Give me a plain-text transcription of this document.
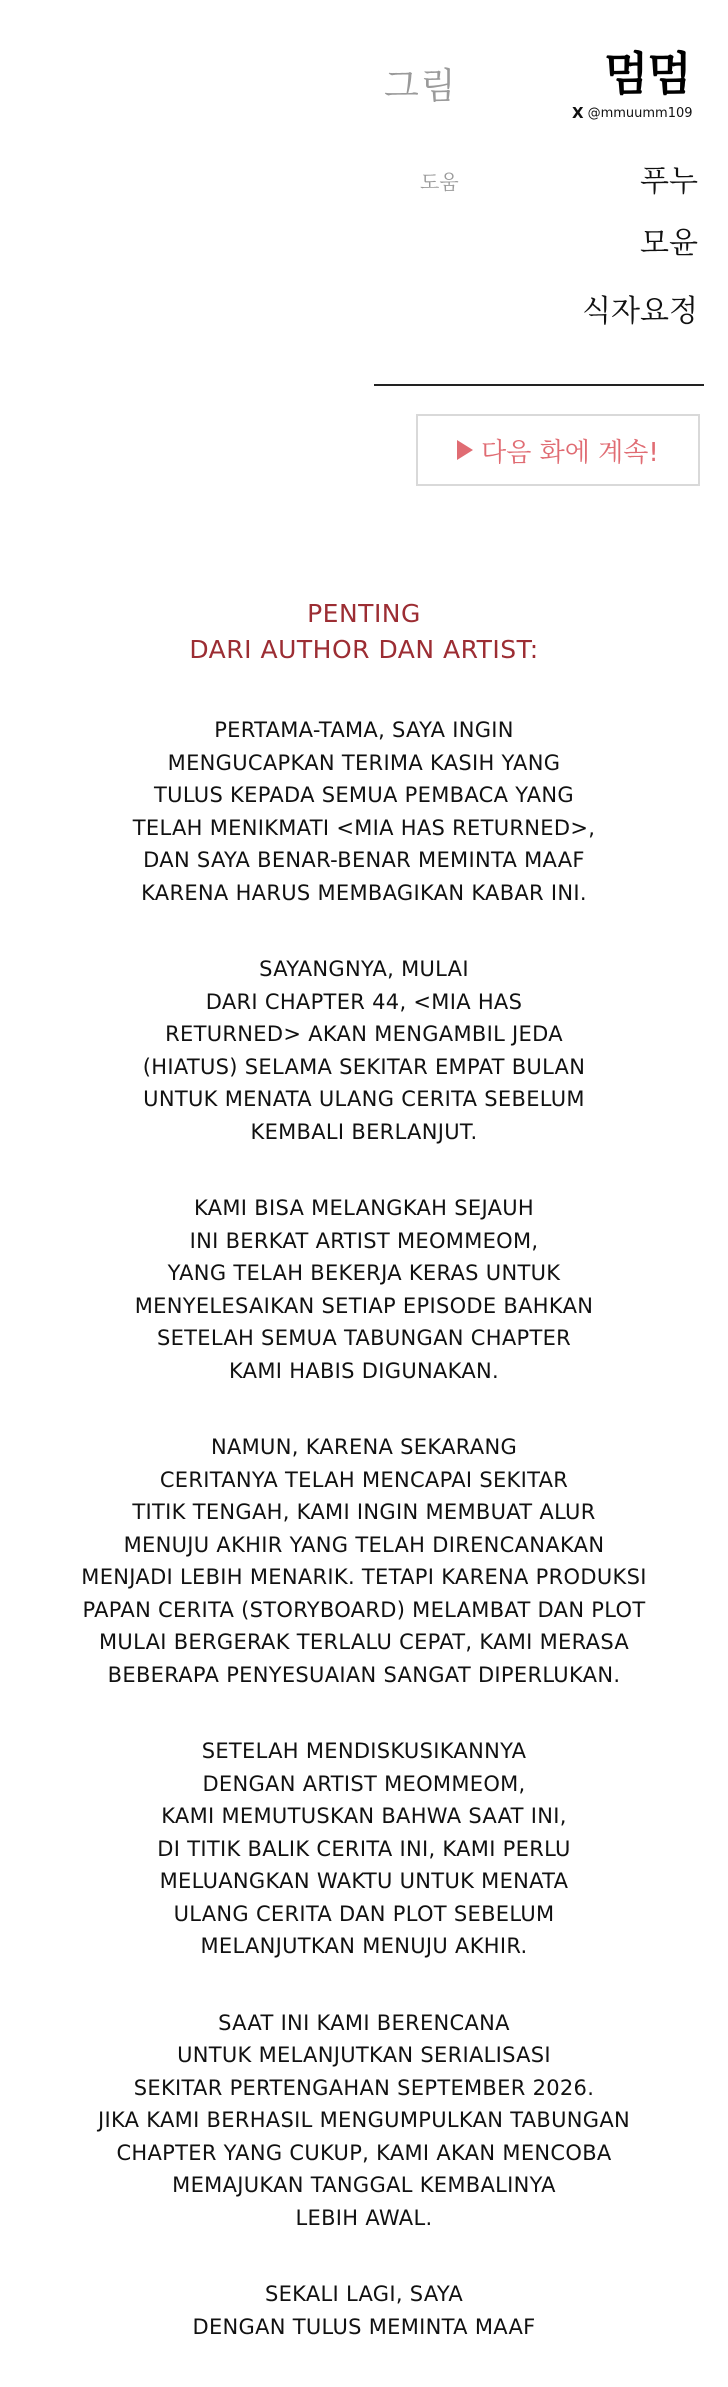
그림	멈멈
X @mmuumm109
도움	푸누
모윤
식자요정
다음 화에 계속!
PENTING
DARI AUTHOR DAN ARTIST:

PERTAMA-TAMA, SAYA INGIN
MENGUCAPKAN TERIMA KASIH YANG
TULUS KEPADA SEMUA PEMBACA YANG
TELAH MENIKMATI <MIA HAS RETURNED>,
DAN SAYA BENAR-BENAR MEMINTA MAAF
KARENA HARUS MEMBAGIKAN KABAR INI.

SAYANGNYA, MULAI
DARI CHAPTER 44, <MIA HAS
RETURNED> AKAN MENGAMBIL JEDA
(HIATUS) SELAMA SEKITAR EMPAT BULAN
UNTUK MENATA ULANG CERITA SEBELUM
KEMBALI BERLANJUT.

KAMI BISA MELANGKAH SEJAUH
INI BERKAT ARTIST MEOMMEOM,
YANG TELAH BEKERJA KERAS UNTUK
MENYELESAIKAN SETIAP EPISODE BAHKAN
SETELAH SEMUA TABUNGAN CHAPTER
KAMI HABIS DIGUNAKAN.

NAMUN, KARENA SEKARANG
CERITANYA TELAH MENCAPAI SEKITAR
TITIK TENGAH, KAMI INGIN MEMBUAT ALUR
MENUJU AKHIR YANG TELAH DIRENCANAKAN
MENJADI LEBIH MENARIK. TETAPI KARENA PRODUKSI
PAPAN CERITA (STORYBOARD) MELAMBAT DAN PLOT
MULAI BERGERAK TERLALU CEPAT, KAMI MERASA
BEBERAPA PENYESUAIAN SANGAT DIPERLUKAN.

SETELAH MENDISKUSIKANNYA
DENGAN ARTIST MEOMMEOM,
KAMI MEMUTUSKAN BAHWA SAAT INI,
DI TITIK BALIK CERITA INI, KAMI PERLU
MELUANGKAN WAKTU UNTUK MENATA
ULANG CERITA DAN PLOT SEBELUM
MELANJUTKAN MENUJU AKHIR.

SAAT INI KAMI BERENCANA
UNTUK MELANJUTKAN SERIALISASI
SEKITAR PERTENGAHAN SEPTEMBER 2026.
JIKA KAMI BERHASIL MENGUMPULKAN TABUNGAN
CHAPTER YANG CUKUP, KAMI AKAN MENCOBA
MEMAJUKAN TANGGAL KEMBALINYA
LEBIH AWAL.

SEKALI LAGI, SAYA
DENGAN TULUS MEMINTA MAAF
